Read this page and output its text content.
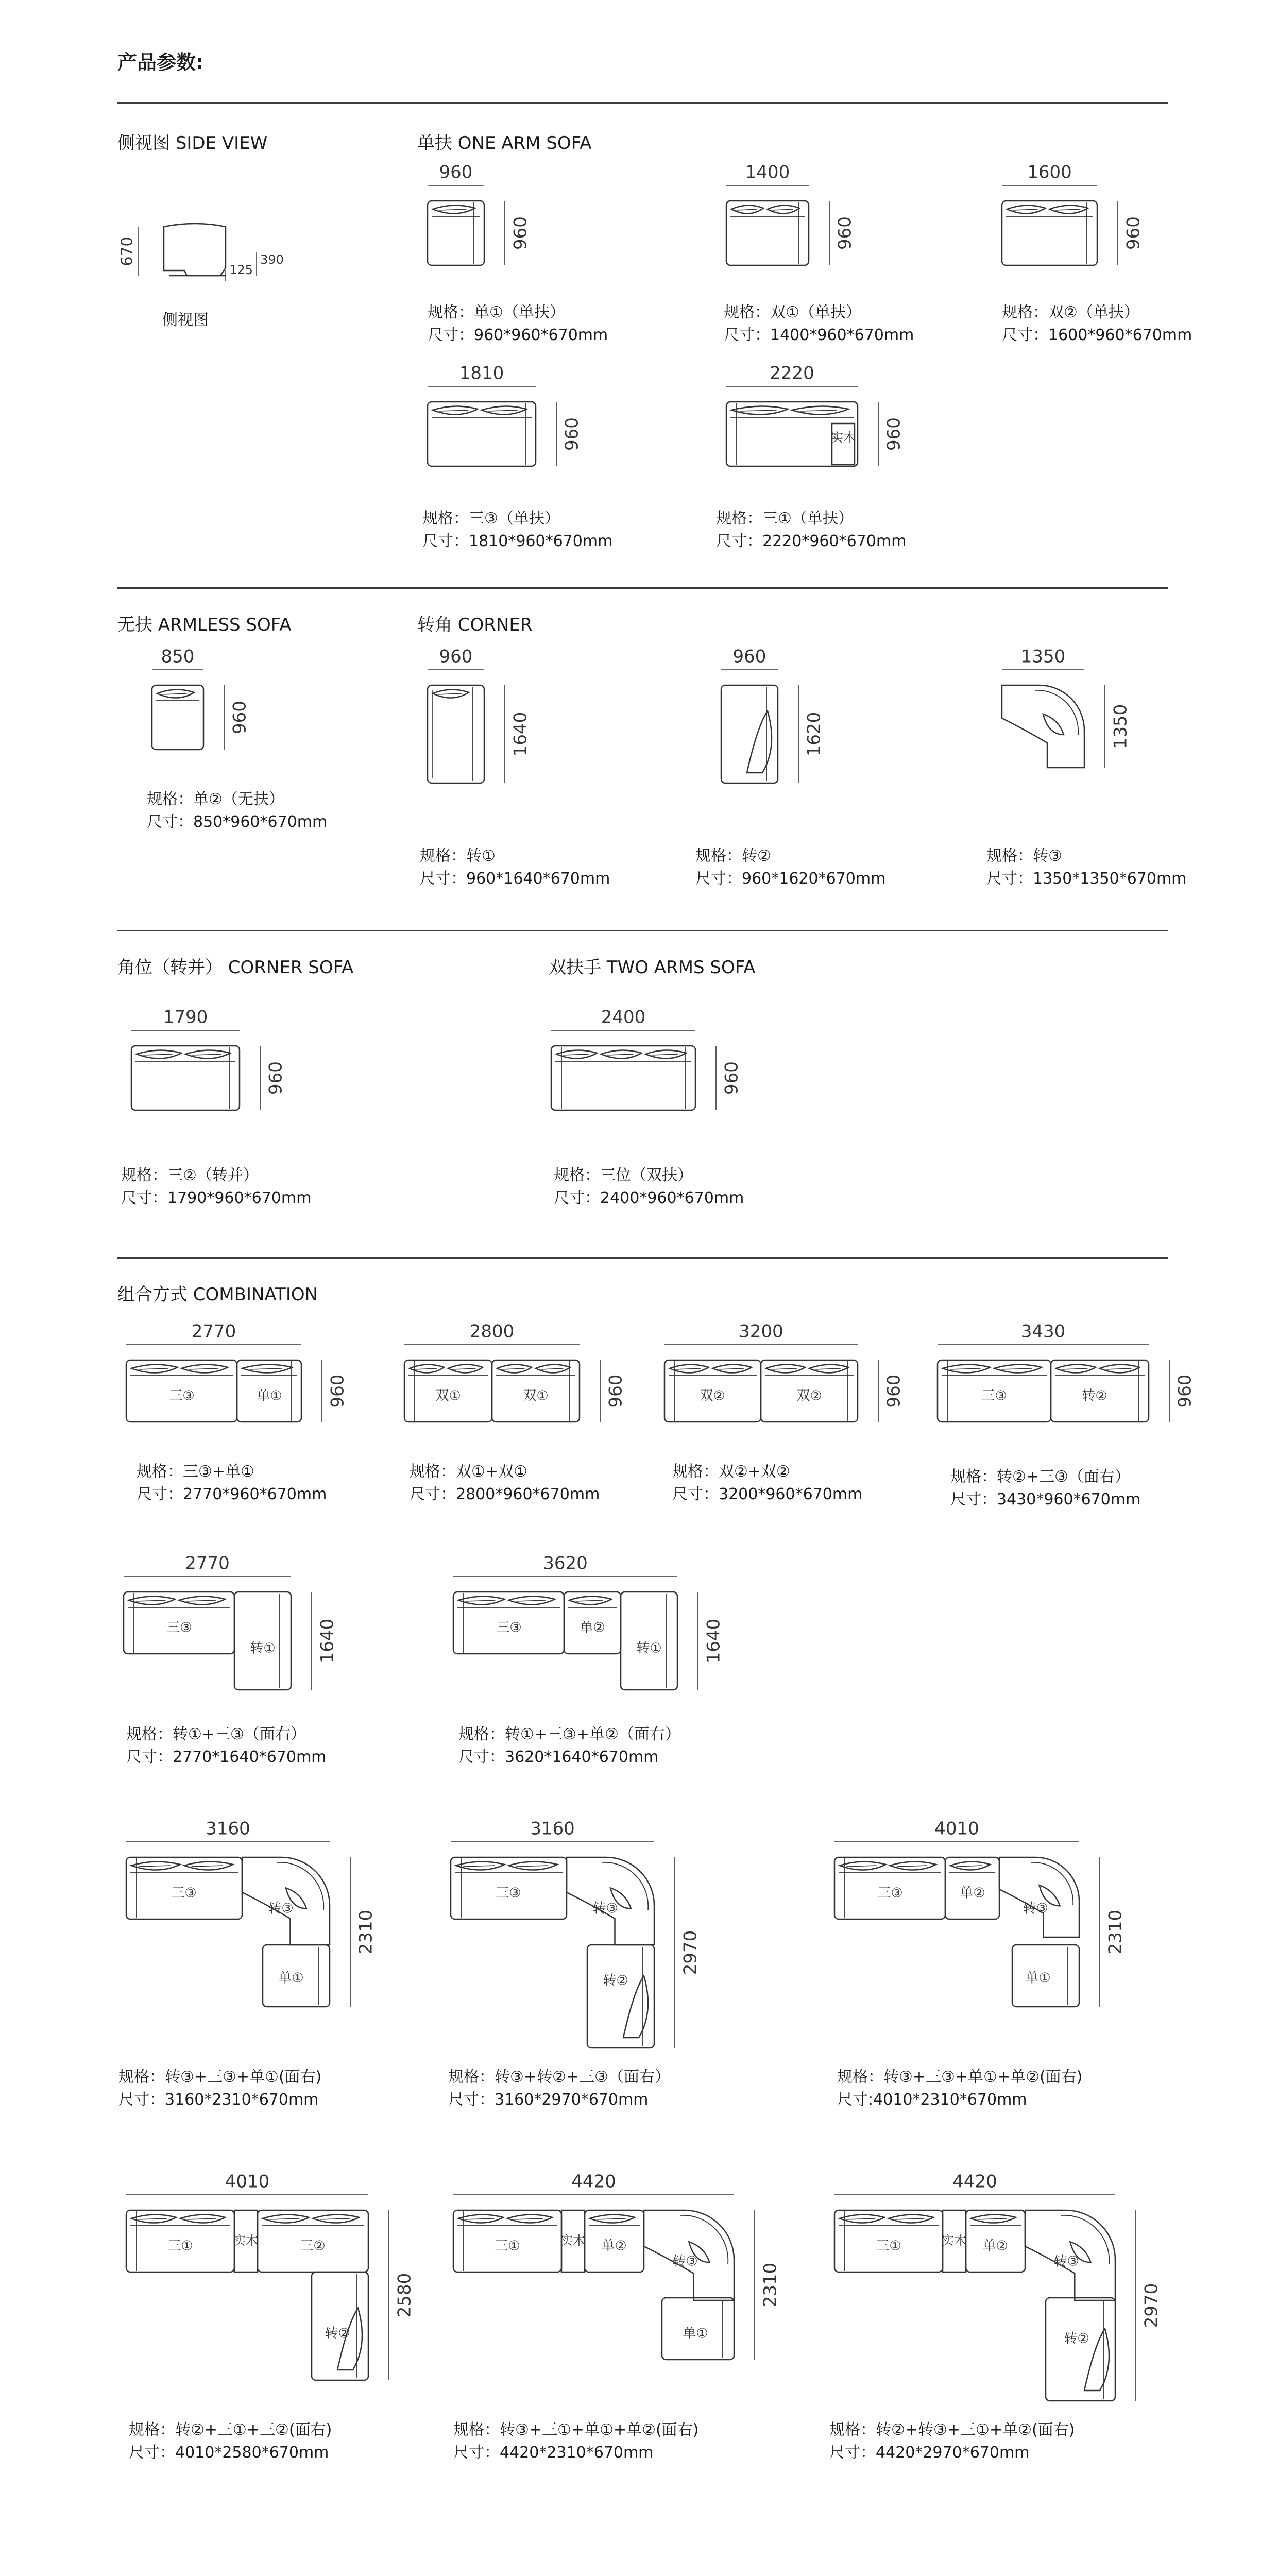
产品参数:
侧视图 SIDE VIEW
670
125
390
侧视图
单扶 ONE ARM SOFA
960
960
规格：单①（单扶）
尺寸：960*960*670mm
1400
960
规格：双①（单扶）
尺寸：1400*960*670mm
1600
960
规格：双②（单扶）
尺寸：1600*960*670mm
1810
960
规格：三③（单扶）
尺寸：1810*960*670mm
2220
960
实木
规格：三①（单扶）
尺寸：2220*960*670mm
无扶 ARMLESS SOFA	转角 CORNER
850
960
规格：单②（无扶）
尺寸：850*960*670mm
960
1640
规格：转①
尺寸：960*1640*670mm
960
1620
规格：转②
尺寸：960*1620*670mm
1350
1350
规格：转③
尺寸：1350*1350*670mm
角位（转并） CORNER SOFA	双扶手 TWO ARMS SOFA
1790
960
规格：三②（转并）
尺寸：1790*960*670mm
2400
960
规格：三位（双扶）
尺寸：2400*960*670mm
组合方式 COMBINATION
2770
960
三③	单①
规格：三③+单①
尺寸：2770*960*670mm
2800
960
双①	双①
规格：双①+双①
尺寸：2800*960*670mm
3200
960
双②	双②
规格：双②+双②
尺寸：3200*960*670mm
3430
960
三③	转②
规格：转②+三③（面右）
尺寸：3430*960*670mm
2770
1640
三③
转①
规格：转①+三③（面右）
尺寸：2770*1640*670mm
3620
1640
三③	单②
转①
规格：转①+三③+单②（面右）
尺寸：3620*1640*670mm
3160
2310
三③
转③
单①
规格：转③+三③+单①(面右)
尺寸：3160*2310*670mm
3160
2970
三③
转③
转②
规格：转③+转②+三③（面右）
尺寸：3160*2970*670mm
4010
2310
三③	单②
转③
单①
规格：转③+三③+单①+单②(面右)
尺寸:4010*2310*670mm
4010
2580
实木
三①	三②
转②
规格：转②+三①+三②(面右)
尺寸：4010*2580*670mm
4420
2310
实木
三①	单②
转③
单①
规格：转③+三①+单①+单②(面右)
尺寸：4420*2310*670mm
4420
2970
实木
三①	单②
转③
转②
规格：转②+转③+三①+单②(面右)
尺寸：4420*2970*670mm
